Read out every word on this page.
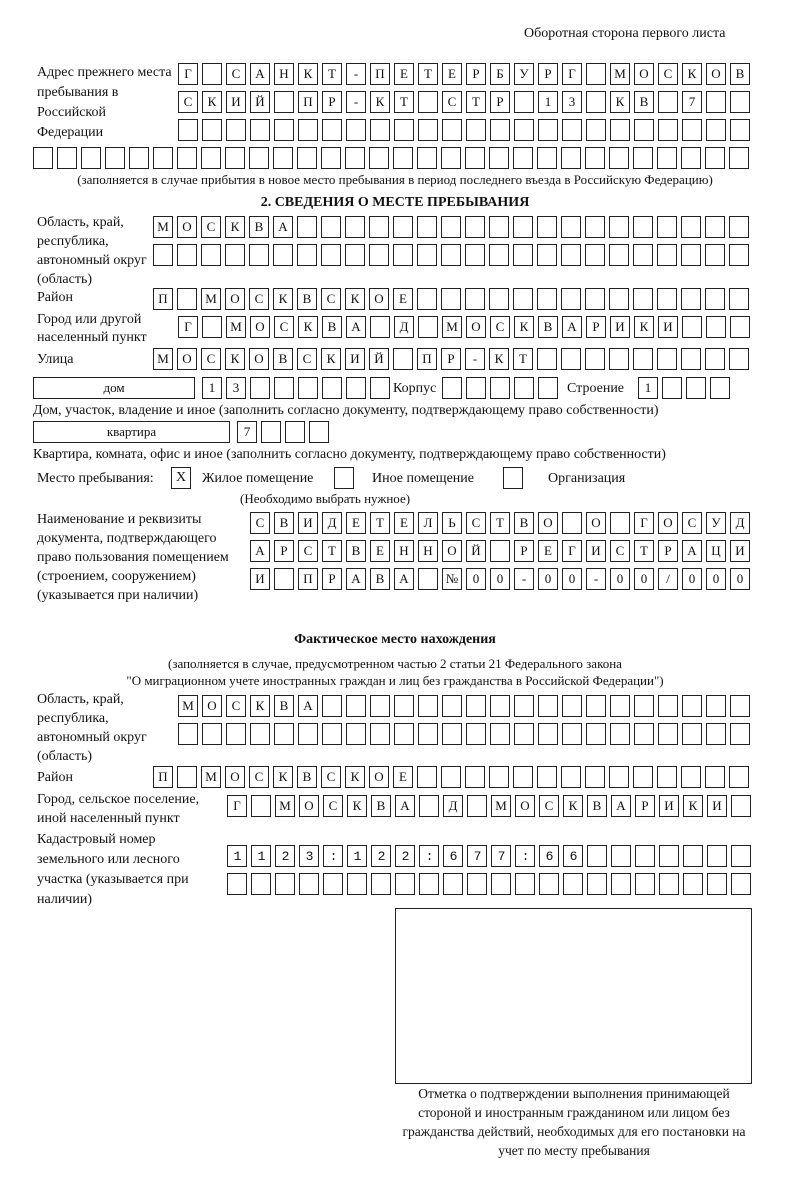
Оборотная сторона первого листа
Адрес прежнего места пребывания в Российской Федерации
Г	С	А	Н	К	Т	-	П	Е	Т	Е	Р	Б	У	Р	Г	М	О	С	К	О	В
С	К	И	Й	П	Р	-	К	Т	С	Т	Р	1	3	К	В	7
(заполняется в случае прибытия в новое место пребывания в период последнего въезда в Российскую Федерацию)
2. СВЕДЕНИЯ О МЕСТЕ ПРЕБЫВАНИЯ
Область, край, республика, автономный округ (область)
М	О	С	К	В	А
Район	П	М	О	С	К	В	С	К	О	Е
Город или другой населенный пункт
Г	М	О	С	К	В	А	Д	М	О	С	К	В	А	Р	И	К	И
Улица	М	О	С	К	О	В	С	К	И	Й	П	Р	-	К	Т
дом	1	3	Корпус	Строение	1
Дом, участок, владение и иное (заполнить согласно документу, подтверждающему право собственности)
квартира	7
Квартира, комната, офис и иное (заполнить согласно документу, подтверждающему право собственности)
Место пребывания:	X	Жилое помещение	Иное помещение	Организация
(Необходимо выбрать нужное)
Наименование и реквизиты документа, подтверждающего право пользования помещением (строением, сооружением) (указывается при наличии)
С	В	И	Д	Е	Т	Е	Л	Ь	С	Т	В	О	О	Г	О	С	У	Д
А	Р	С	Т	В	Е	Н	Н	О	Й	Р	Е	Г	И	С	Т	Р	А	Ц	И
И	П	Р	А	В	А	№	0	0	-	0	0	-	0	0	/	0	0	0
Фактическое место нахождения
(заполняется в случае, предусмотренном частью 2 статьи 21 Федерального закона
"О миграционном учете иностранных граждан и лиц без гражданства в Российской Федерации")
Область, край, республика, автономный округ (область)
М	О	С	К	В	А
Район	П	М	О	С	К	В	С	К	О	Е
Город, сельское поселение, иной населенный пункт
Г	М	О	С	К	В	А	Д	М	О	С	К	В	А	Р	И	К	И
Кадастровый номер земельного или лесного участка (указывается при наличии)
1123:122:677:66
Отметка о подтверждении выполнения принимающей стороной и иностранным гражданином или лицом без гражданства действий, необходимых для его постановки на учет по месту пребывания
